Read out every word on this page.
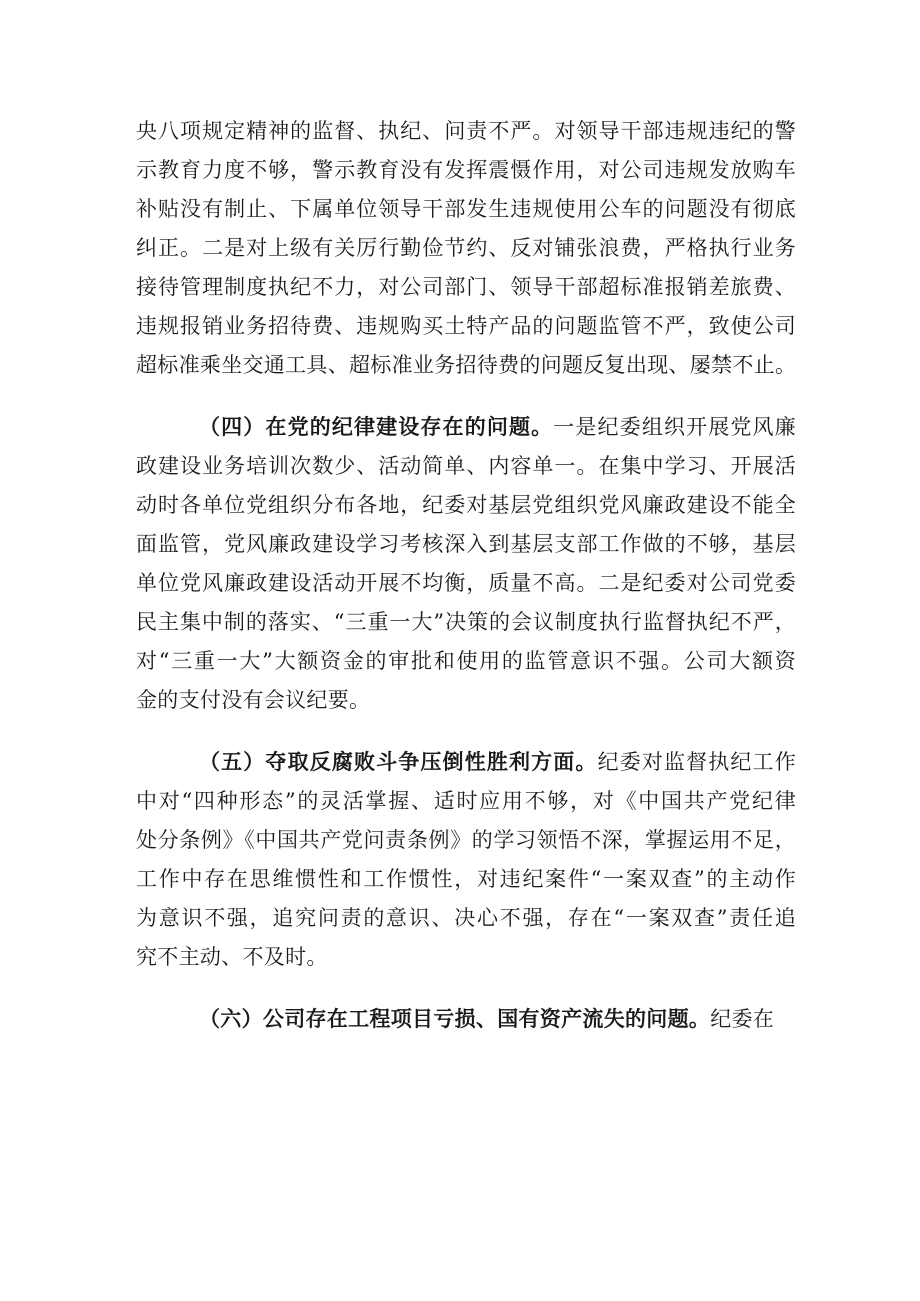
央八项规定精神的监督、执纪、问责不严。对领导干部违规违纪的警
示教育力度不够，警示教育没有发挥震慑作用，对公司违规发放购车
补贴没有制止、下属单位领导干部发生违规使用公车的问题没有彻底
纠正。二是对上级有关厉行勤俭节约、反对铺张浪费，严格执行业务
接待管理制度执纪不力，对公司部门、领导干部超标准报销差旅费、
违规报销业务招待费、违规购买土特产品的问题监管不严，致使公司
超标准乘坐交通工具、超标准业务招待费的问题反复出现、屡禁不止。
（四）在党的纪律建设存在的问题。一是纪委组织开展党风廉
政建设业务培训次数少、活动简单、内容单一。在集中学习、开展活
动时各单位党组织分布各地，纪委对基层党组织党风廉政建设不能全
面监管，党风廉政建设学习考核深入到基层支部工作做的不够，基层
单位党风廉政建设活动开展不均衡，质量不高。二是纪委对公司党委
民主集中制的落实、“三重一大”决策的会议制度执行监督执纪不严，
对“三重一大”大额资金的审批和使用的监管意识不强。公司大额资
金的支付没有会议纪要。
（五）夺取反腐败斗争压倒性胜利方面。纪委对监督执纪工作
中对“四种形态”的灵活掌握、适时应用不够，对《中国共产党纪律
处分条例》《中国共产党问责条例》的学习领悟不深，掌握运用不足，
工作中存在思维惯性和工作惯性，对违纪案件“一案双查”的主动作
为意识不强，追究问责的意识、决心不强，存在“一案双查”责任追
究不主动、不及时。
（六）公司存在工程项目亏损、国有资产流失的问题。纪委在
